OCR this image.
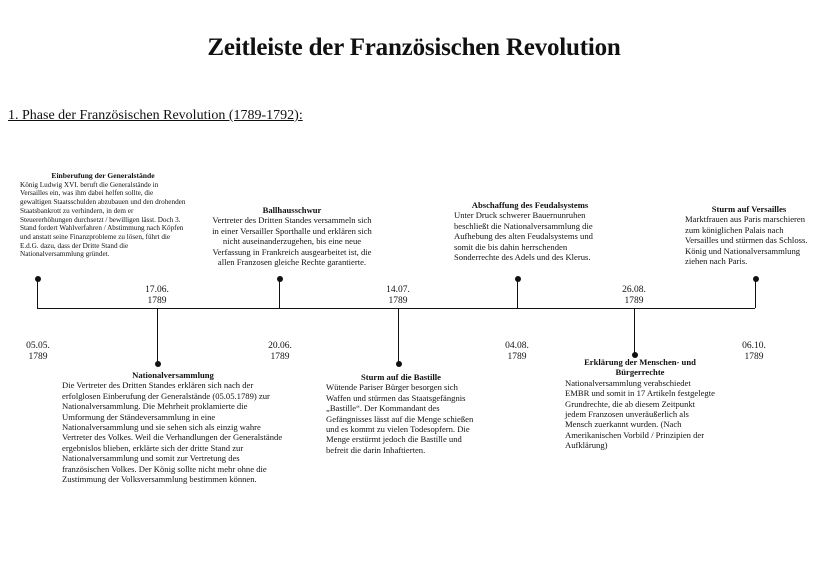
Zeitleiste der Französischen Revolution
1. Phase der Französischen Revolution (1789-1792):
05.05.
1789
17.06.
1789
20.06.
1789
14.07.
1789
04.08.
1789
26.08.
1789
06.10.
1789
Einberufung der Generalstände
König Ludwig XVI. beruft die Generalstände in Versailles ein, was ihm dabei helfen sollte, die gewaltigen Staatsschulden abzubauen und den drohenden Staatsbankrott zu verhindern, in dem er Steuererhöhungen durchsetzt / bewilligen lässt. Doch 3. Stand fordert Wahlverfahren / Abstimmung nach Köpfen und anstatt seine Finanzprobleme zu lösen, führt die E.d.G. dazu, dass der Dritte Stand die Nationalversammlung gründet.
Ballhausschwur
Vertreter des Dritten Standes versammeln sich in einer Versailler Sporthalle und erklären sich nicht auseinanderzugehen, bis eine neue Verfassung in Frankreich ausgearbeitet ist, die allen Franzosen gleiche Rechte garantierte.
Abschaffung des Feudalsystems
Unter Druck schwerer Bauernunruhen beschließt die Nationalversammlung die Aufhebung des alten Feudalsystems und somit die bis dahin herrschenden Sonderrechte des Adels und des Klerus.
Sturm auf Versailles
Marktfrauen aus Paris marschieren zum königlichen Palais nach Versailles und stürmen das Schloss. König und Nationalversammlung ziehen nach Paris.
Nationalversammlung
Die Vertreter des Dritten Standes erklären sich nach der erfolglosen Einberufung der Generalstände (05.05.1789) zur Nationalversammlung. Die Mehrheit proklamierte die Umformung der Ständeversammlung in eine Nationalversammlung und sie sehen sich als einzig wahre Vertreter des Volkes. Weil die Verhandlungen der Generalstände ergebnislos blieben, erklärte sich der dritte Stand zur Nationalversammlung und somit zur Vertretung des französischen Volkes. Der König sollte nicht mehr ohne die Zustimmung der Volksversammlung bestimmen können.
Sturm auf die Bastille
Wütende Pariser Bürger besorgen sich Waffen und stürmen das Staatsgefängnis „Bastille“. Der Kommandant des Gefängnisses lässt auf die Menge schießen und es kommt zu vielen Todesopfern. Die Menge erstürmt jedoch die Bastille und befreit die darin Inhaftierten.
Erklärung der Menschen- und Bürgerrechte
Nationalversammlung verabschiedet EMBR und somit in 17 Artikeln festgelegte Grundrechte, die ab diesem Zeitpunkt jedem Franzosen unveräußerlich als Mensch zuerkannt wurden. (Nach Amerikanischen Vorbild / Prinzipien der Aufklärung)
